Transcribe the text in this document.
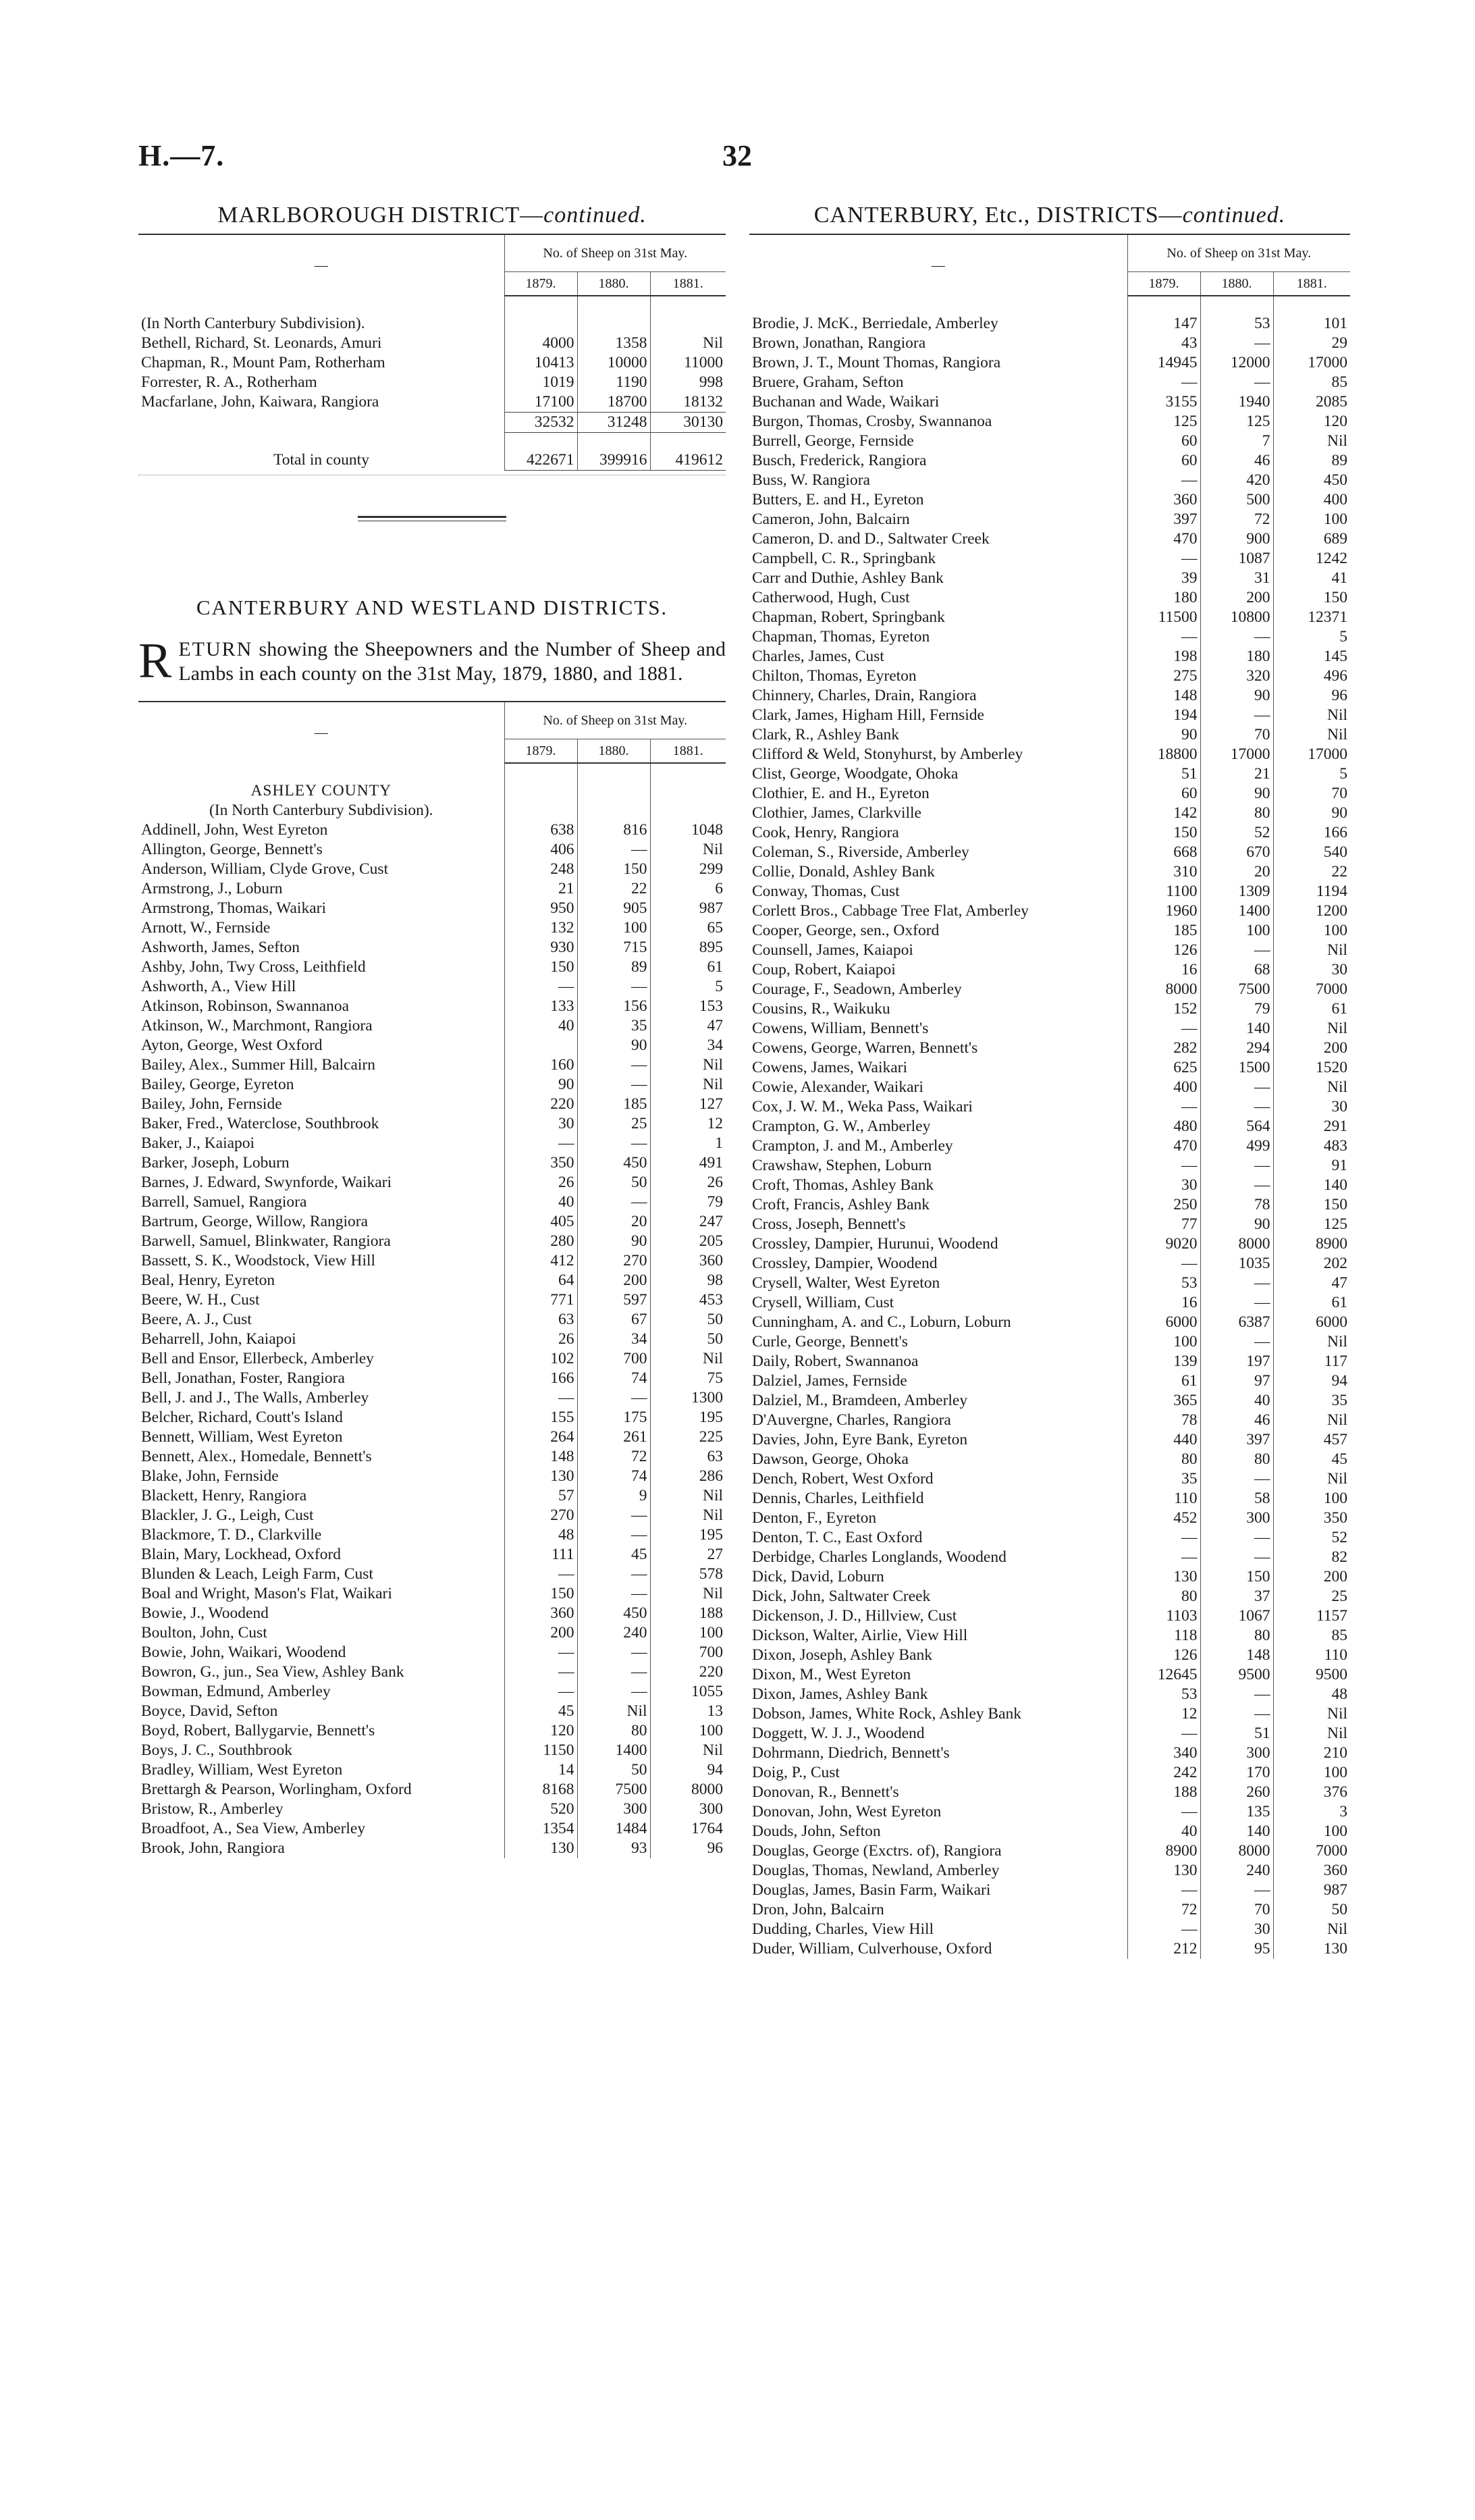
H.—7.	32
MARLBOROUGH DISTRICT—continued.
—	No. of Sheep on 31st May.		
	1879.	1880.	1881.

(In North Canterbury Subdivision).			
Bethell, Richard, St. Leonards, Amuri	4000	1358	Nil
Chapman, R., Mount Pam, Rotherham	10413	10000	11000
Forrester, R. A., Rotherham	1019	1190	998
Macfarlane, John, Kaiwara, Rangiora	17100	18700	18132
	32532	31248	30130

Total in county	422671	399916	419612
CANTERBURY AND WESTLAND DISTRICTS.
RETURN showing the Sheepowners and the Number of Sheep and Lambs in each county on the 31st May, 1879, 1880, and 1881.
—	No. of Sheep on 31st May.		
	1879.	1880.	1881.

ASHLEY COUNTY			
(In North Canterbury Subdivision).			
Addinell, John, West Eyreton	638	816	1048
Allington, George, Bennett's	406	—	Nil
Anderson, William, Clyde Grove, Cust	248	150	299
Armstrong, J., Loburn	21	22	6
Armstrong, Thomas, Waikari	950	905	987
Arnott, W., Fernside	132	100	65
Ashworth, James, Sefton	930	715	895
Ashby, John, Twy Cross, Leithfield	150	89	61
Ashworth, A., View Hill	—	—	5
Atkinson, Robinson, Swannanoa	133	156	153
Atkinson, W., Marchmont, Rangiora	40	35	47
Ayton, George, West Oxford		90	34
Bailey, Alex., Summer Hill, Balcairn	160	—	Nil
Bailey, George, Eyreton	90	—	Nil
Bailey, John, Fernside	220	185	127
Baker, Fred., Waterclose, Southbrook	30	25	12
Baker, J., Kaiapoi	—	—	1
Barker, Joseph, Loburn	350	450	491
Barnes, J. Edward, Swynforde, Waikari	26	50	26
Barrell, Samuel, Rangiora	40	—	79
Bartrum, George, Willow, Rangiora	405	20	247
Barwell, Samuel, Blinkwater, Rangiora	280	90	205
Bassett, S. K., Woodstock, View Hill	412	270	360
Beal, Henry, Eyreton	64	200	98
Beere, W. H., Cust	771	597	453
Beere, A. J., Cust	63	67	50
Beharrell, John, Kaiapoi	26	34	50
Bell and Ensor, Ellerbeck, Amberley	102	700	Nil
Bell, Jonathan, Foster, Rangiora	166	74	75
Bell, J. and J., The Walls, Amberley	—	—	1300
Belcher, Richard, Coutt's Island	155	175	195
Bennett, William, West Eyreton	264	261	225
Bennett, Alex., Homedale, Bennett's	148	72	63
Blake, John, Fernside	130	74	286
Blackett, Henry, Rangiora	57	9	Nil
Blackler, J. G., Leigh, Cust	270	—	Nil
Blackmore, T. D., Clarkville	48	—	195
Blain, Mary, Lockhead, Oxford	111	45	27
Blunden & Leach, Leigh Farm, Cust	—	—	578
Boal and Wright, Mason's Flat, Waikari	150	—	Nil
Bowie, J., Woodend	360	450	188
Boulton, John, Cust	200	240	100
Bowie, John, Waikari, Woodend	—	—	700
Bowron, G., jun., Sea View, Ashley Bank	—	—	220
Bowman, Edmund, Amberley	—	—	1055
Boyce, David, Sefton	45	Nil	13
Boyd, Robert, Ballygarvie, Bennett's	120	80	100
Boys, J. C., Southbrook	1150	1400	Nil
Bradley, William, West Eyreton	14	50	94
Brettargh & Pearson, Worlingham, Oxford	8168	7500	8000
Bristow, R., Amberley	520	300	300
Broadfoot, A., Sea View, Amberley	1354	1484	1764
Brook, John, Rangiora	130	93	96
CANTERBURY, Etc., DISTRICTS—continued.
—	No. of Sheep on 31st May.		
	1879.	1880.	1881.

Brodie, J. McK., Berriedale, Amberley	147	53	101
Brown, Jonathan, Rangiora	43	—	29
Brown, J. T., Mount Thomas, Rangiora	14945	12000	17000
Bruere, Graham, Sefton	—	—	85
Buchanan and Wade, Waikari	3155	1940	2085
Burgon, Thomas, Crosby, Swannanoa	125	125	120
Burrell, George, Fernside	60	7	Nil
Busch, Frederick, Rangiora	60	46	89
Buss, W. Rangiora	—	420	450
Butters, E. and H., Eyreton	360	500	400
Cameron, John, Balcairn	397	72	100
Cameron, D. and D., Saltwater Creek	470	900	689
Campbell, C. R., Springbank	—	1087	1242
Carr and Duthie, Ashley Bank	39	31	41
Catherwood, Hugh, Cust	180	200	150
Chapman, Robert, Springbank	11500	10800	12371
Chapman, Thomas, Eyreton	—	—	5
Charles, James, Cust	198	180	145
Chilton, Thomas, Eyreton	275	320	496
Chinnery, Charles, Drain, Rangiora	148	90	96
Clark, James, Higham Hill, Fernside	194	—	Nil
Clark, R., Ashley Bank	90	70	Nil
Clifford & Weld, Stonyhurst, by Amberley	18800	17000	17000
Clist, George, Woodgate, Ohoka	51	21	5
Clothier, E. and H., Eyreton	60	90	70
Clothier, James, Clarkville	142	80	90
Cook, Henry, Rangiora	150	52	166
Coleman, S., Riverside, Amberley	668	670	540
Collie, Donald, Ashley Bank	310	20	22
Conway, Thomas, Cust	1100	1309	1194
Corlett Bros., Cabbage Tree Flat, Amberley	1960	1400	1200
Cooper, George, sen., Oxford	185	100	100
Counsell, James, Kaiapoi	126	—	Nil
Coup, Robert, Kaiapoi	16	68	30
Courage, F., Seadown, Amberley	8000	7500	7000
Cousins, R., Waikuku	152	79	61
Cowens, William, Bennett's	—	140	Nil
Cowens, George, Warren, Bennett's	282	294	200
Cowens, James, Waikari	625	1500	1520
Cowie, Alexander, Waikari	400	—	Nil
Cox, J. W. M., Weka Pass, Waikari	—	—	30
Crampton, G. W., Amberley	480	564	291
Crampton, J. and M., Amberley	470	499	483
Crawshaw, Stephen, Loburn	—	—	91
Croft, Thomas, Ashley Bank	30	—	140
Croft, Francis, Ashley Bank	250	78	150
Cross, Joseph, Bennett's	77	90	125
Crossley, Dampier, Hurunui, Woodend	9020	8000	8900
Crossley, Dampier, Woodend	—	1035	202
Crysell, Walter, West Eyreton	53	—	47
Crysell, William, Cust	16	—	61
Cunningham, A. and C., Loburn, Loburn	6000	6387	6000
Curle, George, Bennett's	100	—	Nil
Daily, Robert, Swannanoa	139	197	117
Dalziel, James, Fernside	61	97	94
Dalziel, M., Bramdeen, Amberley	365	40	35
D'Auvergne, Charles, Rangiora	78	46	Nil
Davies, John, Eyre Bank, Eyreton	440	397	457
Dawson, George, Ohoka	80	80	45
Dench, Robert, West Oxford	35	—	Nil
Dennis, Charles, Leithfield	110	58	100
Denton, F., Eyreton	452	300	350
Denton, T. C., East Oxford	—	—	52
Derbidge, Charles Longlands, Woodend	—	—	82
Dick, David, Loburn	130	150	200
Dick, John, Saltwater Creek	80	37	25
Dickenson, J. D., Hillview, Cust	1103	1067	1157
Dickson, Walter, Airlie, View Hill	118	80	85
Dixon, Joseph, Ashley Bank	126	148	110
Dixon, M., West Eyreton	12645	9500	9500
Dixon, James, Ashley Bank	53	—	48
Dobson, James, White Rock, Ashley Bank	12	—	Nil
Doggett, W. J. J., Woodend	—	51	Nil
Dohrmann, Diedrich, Bennett's	340	300	210
Doig, P., Cust	242	170	100
Donovan, R., Bennett's	188	260	376
Donovan, John, West Eyreton	—	135	3
Douds, John, Sefton	40	140	100
Douglas, George (Exctrs. of), Rangiora	8900	8000	7000
Douglas, Thomas, Newland, Amberley	130	240	360
Douglas, James, Basin Farm, Waikari	—	—	987
Dron, John, Balcairn	72	70	50
Dudding, Charles, View Hill	—	30	Nil
Duder, William, Culverhouse, Oxford	212	95	130
